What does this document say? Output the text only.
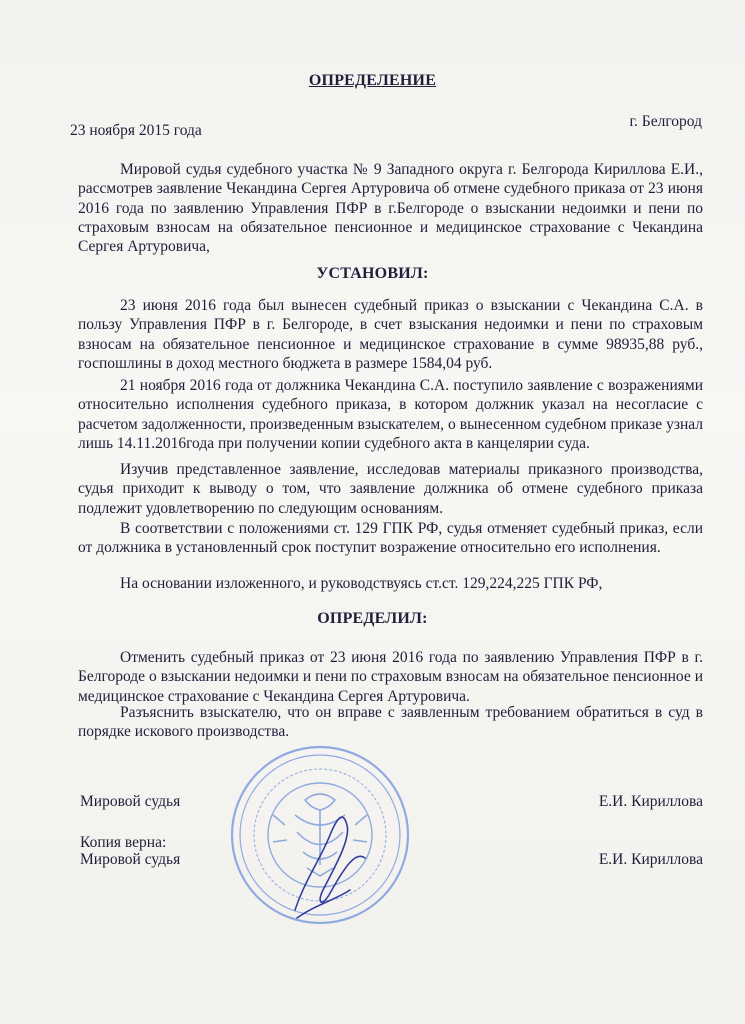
ОПРЕДЕЛЕНИЕ
23 ноября 2015 года
г. Белгород

Мировой судья судебного участка № 9 Западного округа г. Белгорода Кириллова Е.И., рассмотрев заявление Чекандина Сергея Артуровича об отмене судебного приказа от 23 июня 2016 года по заявлению Управления ПФР в г.Белгороде о взыскании недоимки и пени по страховым взносам на обязательное пенсионное и медицинское страхование с Чекандина Сергея Артуровича,

УСТАНОВИЛ:

23 июня 2016 года был вынесен судебный приказ о взыскании с Чекандина С.А. в пользу Управления ПФР в г. Белгороде, в счет взыскания недоимки и пени по страховым взносам на обязательное пенсионное и медицинское страхование в сумме 98935,88 руб., госпошлины в доход местного бюджета в размере 1584,04 руб.

21 ноября 2016 года от должника Чекандина С.А. поступило заявление с возражениями относительно исполнения судебного приказа, в котором должник указал на несогласие с расчетом задолженности, произведенным взыскателем, о вынесенном судебном приказе узнал лишь 14.11.2016года при получении копии судебного акта в канцелярии суда.

Изучив представленное заявление, исследовав материалы приказного производства, судья приходит к выводу о том, что заявление должника об отмене судебного приказа подлежит удовлетворению по следующим основаниям.

В соответствии с положениями ст. 129 ГПК РФ, судья отменяет судебный приказ, если от должника в установленный срок поступит возражение относительно его исполнения.

На основании изложенного, и руководствуясь ст.ст. 129,224,225 ГПК РФ,

ОПРЕДЕЛИЛ:

Отменить судебный приказ от 23 июня 2016 года по заявлению Управления ПФР в г. Белгороде о взыскании недоимки и пени по страховым взносам на обязательное пенсионное и медицинское страхование с Чекандина Сергея Артуровича.

Разъяснить взыскателю, что он вправе с заявленным требованием обратиться в суд в порядке искового производства.

Мировой судья	Е.И. Кириллова
Копия верна:
Мировой судья	Е.И. Кириллова
